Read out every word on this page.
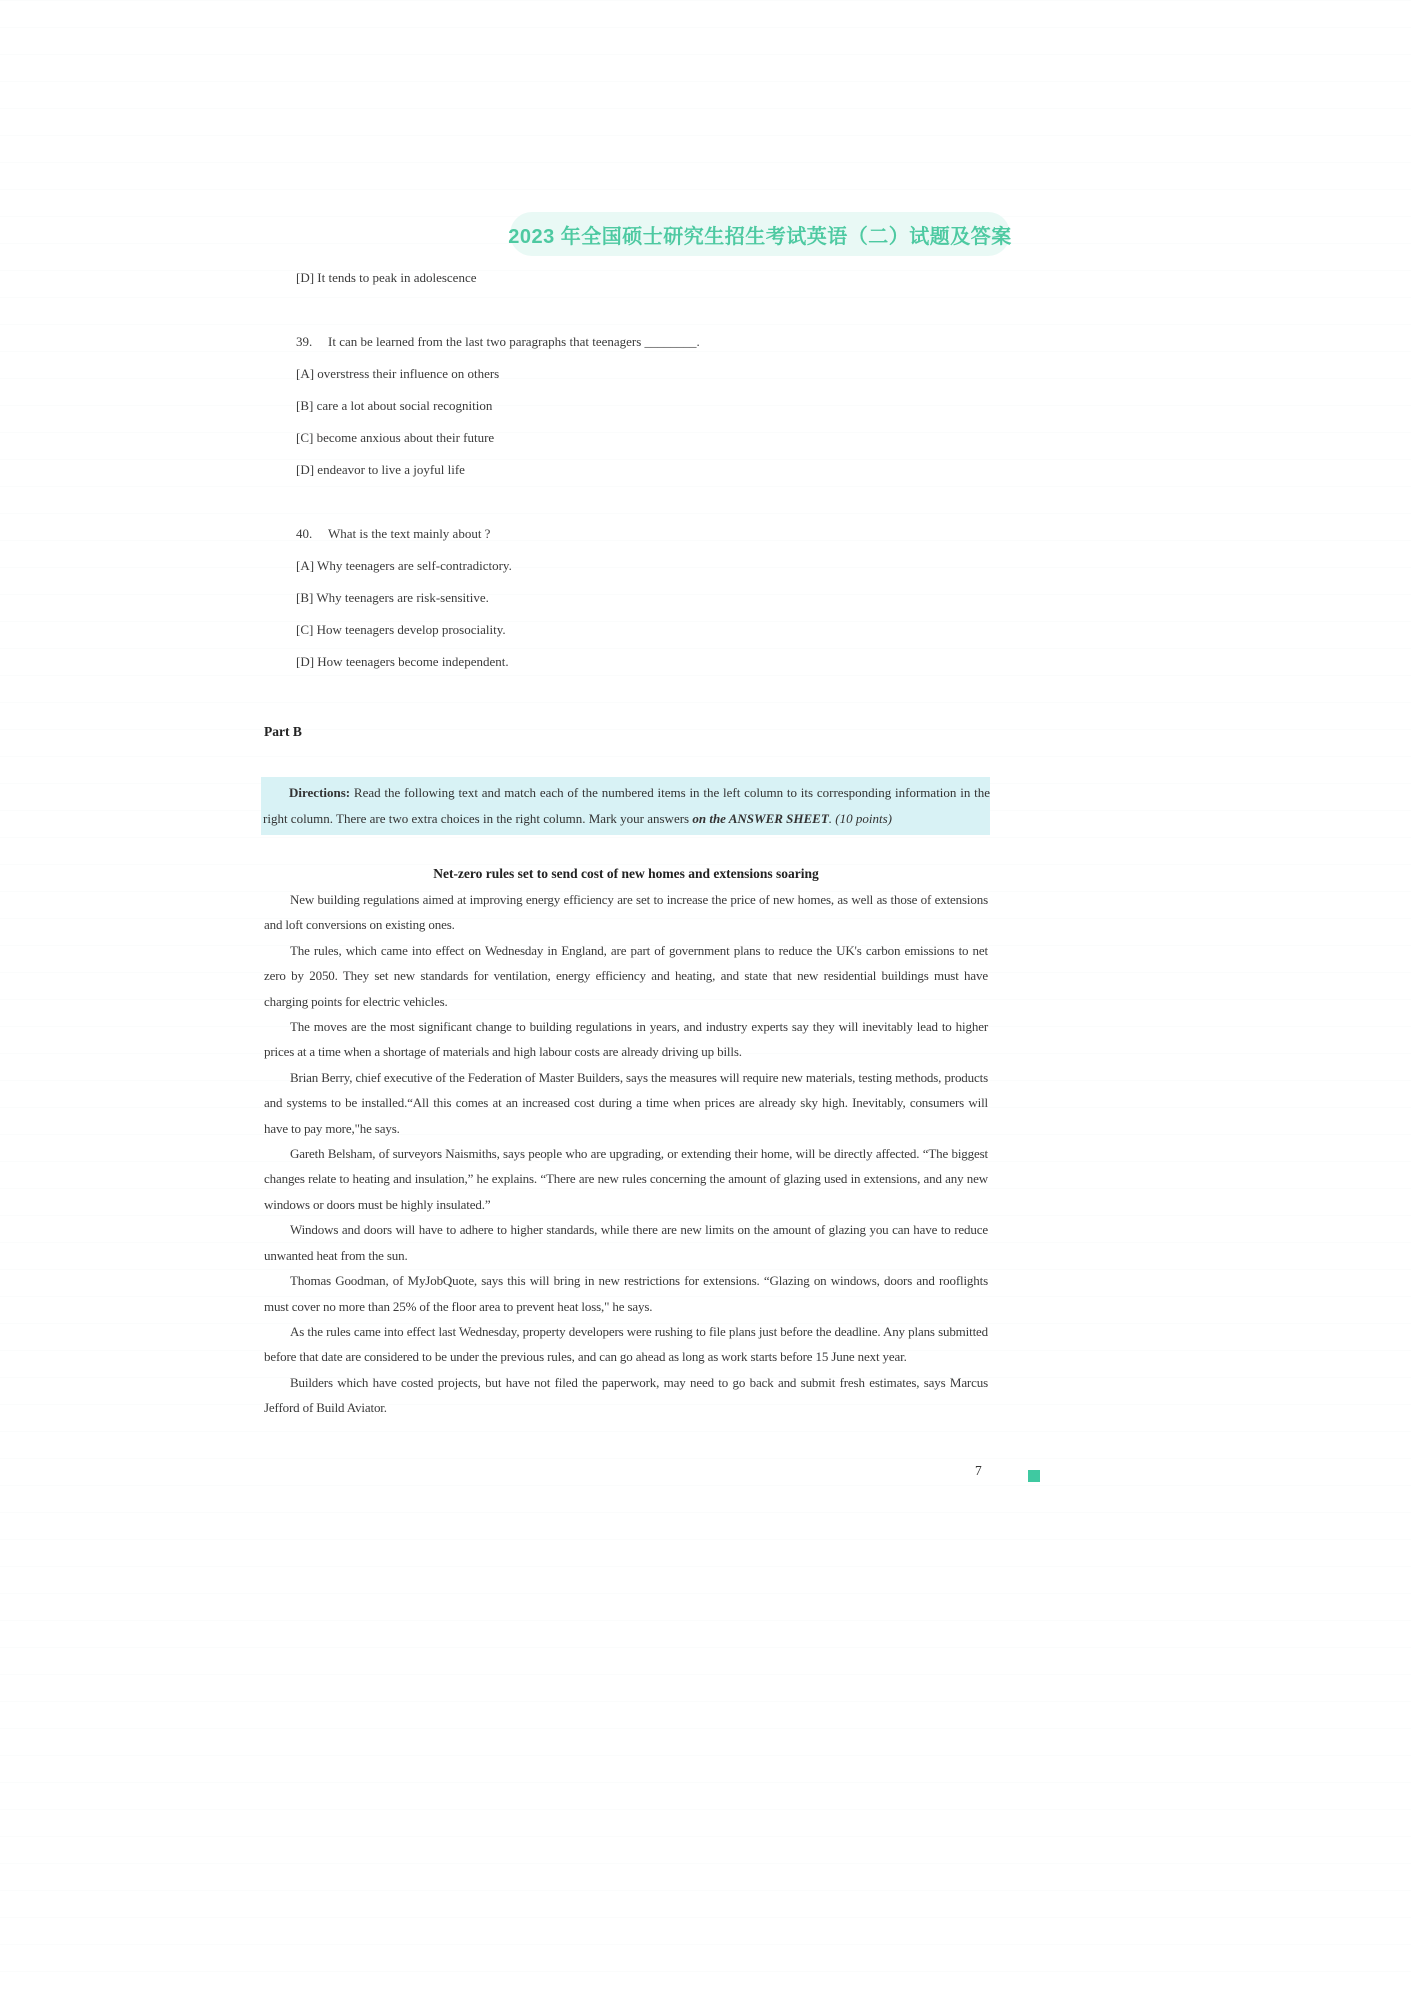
2023 年全国硕士研究生招生考试英语（二）试题及答案
[D] It tends to peak in adolescence
39. It can be learned from the last two paragraphs that teenagers ________.
[A] overstress their influence on others
[B] care a lot about social recognition
[C] become anxious about their future
[D] endeavor to live a joyful life
40. What is the text mainly about ?
[A] Why teenagers are self-contradictory.
[B] Why teenagers are risk-sensitive.
[C] How teenagers develop prosociality.
[D] How teenagers become independent.
Part B

Directions: Read the following text and match each of the numbered items in the left column to its corresponding information in the right column. There are two extra choices in the right column. Mark your answers on the ANSWER SHEET. (10 points)

Net-zero rules set to send cost of new homes and extensions soaring

New building regulations aimed at improving energy efficiency are set to increase the price of new homes, as well as those of extensions and loft conversions on existing ones.

The rules, which came into effect on Wednesday in England, are part of government plans to reduce the UK's carbon emissions to net zero by 2050. They set new standards for ventilation, energy efficiency and heating, and state that new residential buildings must have charging points for electric vehicles.

The moves are the most significant change to building regulations in years, and industry experts say they will inevitably lead to higher prices at a time when a shortage of materials and high labour costs are already driving up bills.

Brian Berry, chief executive of the Federation of Master Builders, says the measures will require new materials, testing methods, products and systems to be installed.“All this comes at an increased cost during a time when prices are already sky high. Inevitably, consumers will have to pay more,"he says.

Gareth Belsham, of surveyors Naismiths, says people who are upgrading, or extending their home, will be directly affected. “The biggest changes relate to heating and insulation,” he explains. “There are new rules concerning the amount of glazing used in extensions, and any new windows or doors must be highly insulated.”

Windows and doors will have to adhere to higher standards, while there are new limits on the amount of glazing you can have to reduce unwanted heat from the sun.

Thomas Goodman, of MyJobQuote, says this will bring in new restrictions for extensions. “Glazing on windows, doors and rooflights must cover no more than 25% of the floor area to prevent heat loss," he says.

As the rules came into effect last Wednesday, property developers were rushing to file plans just before the deadline. Any plans submitted before that date are considered to be under the previous rules, and can go ahead as long as work starts before 15 June next year.

Builders which have costed projects, but have not filed the paperwork, may need to go back and submit fresh estimates, says Marcus Jefford of Build Aviator.

7
